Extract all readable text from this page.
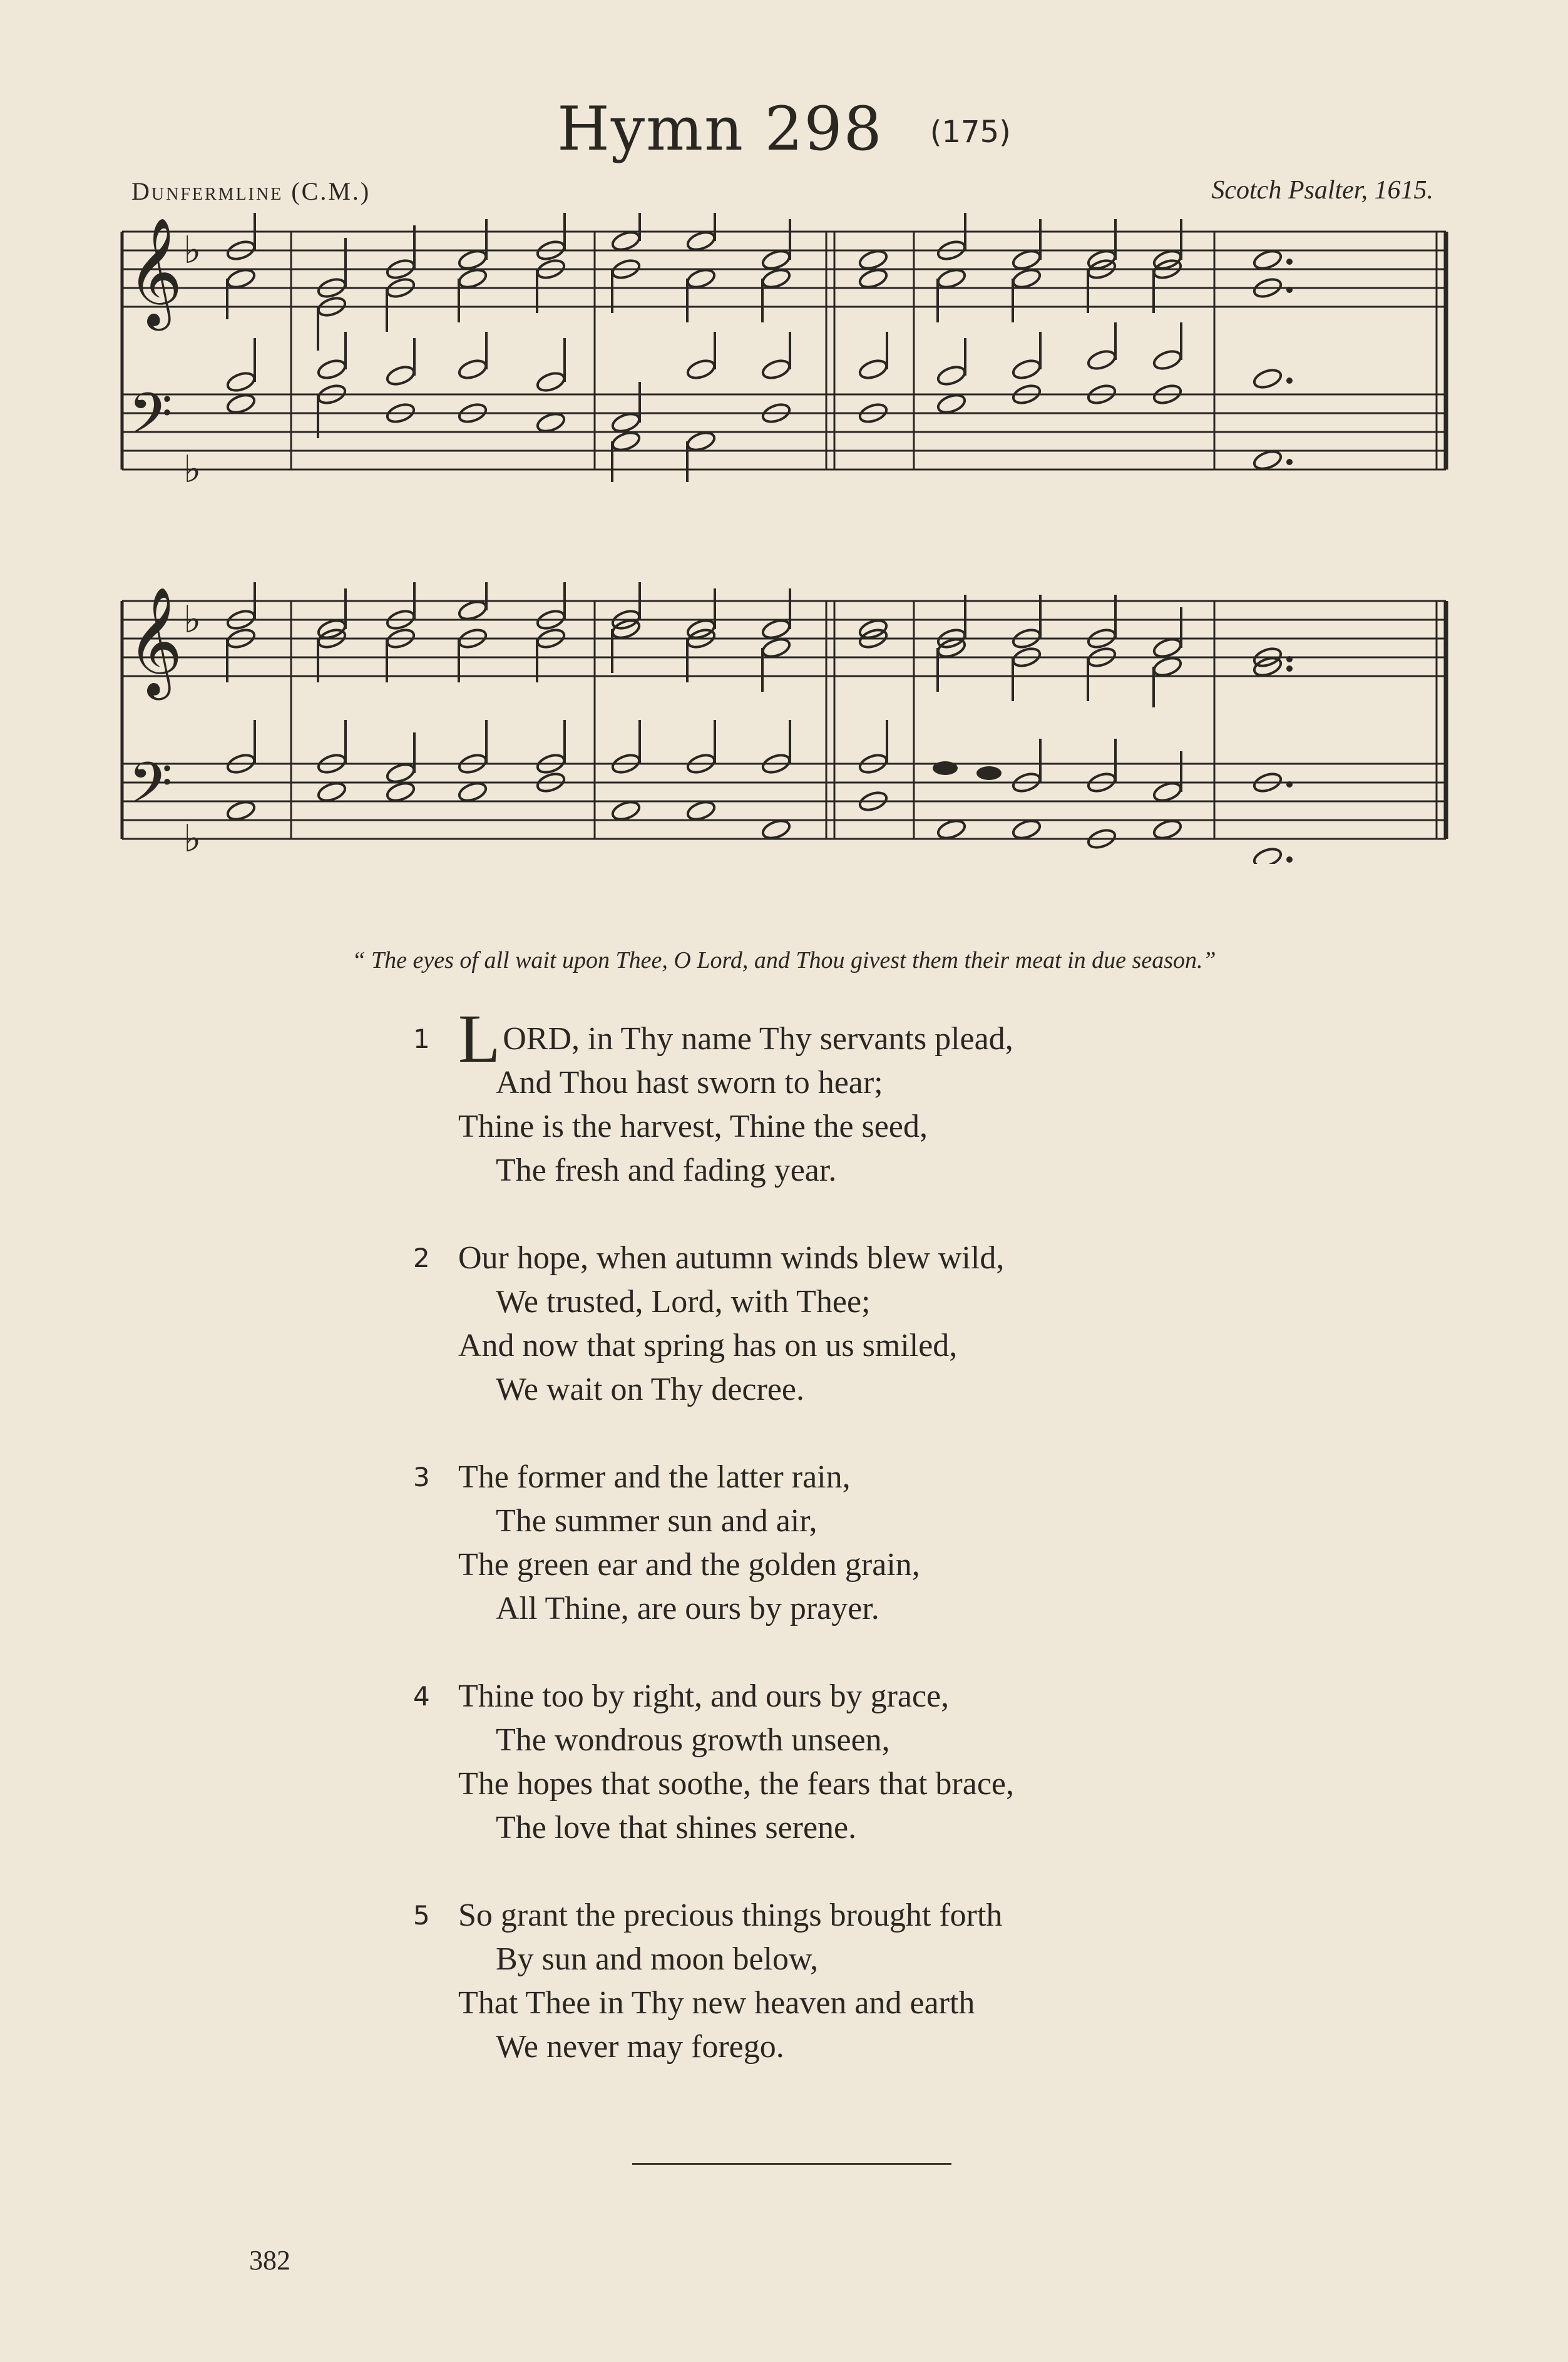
Hymn 298 (175)
Dunfermline (C.M.)	Scotch Psalter, 1615.
𝄞
𝄢
♭
♭
𝄞
𝄢
♭
♭
“ The eyes of all wait upon Thee, O Lord, and Thou givest them their meat in due season.”
1 LORD, in Thy name Thy servants plead,
And Thou hast sworn to hear;
Thine is the harvest, Thine the seed,
The fresh and fading year.
2 Our hope, when autumn winds blew wild,
We trusted, Lord, with Thee;
And now that spring has on us smiled,
We wait on Thy decree.
3 The former and the latter rain,
The summer sun and air,
The green ear and the golden grain,
All Thine, are ours by prayer.
4 Thine too by right, and ours by grace,
The wondrous growth unseen,
The hopes that soothe, the fears that brace,
The love that shines serene.
5 So grant the precious things brought forth
By sun and moon below,
That Thee in Thy new heaven and earth
We never may forego.
382
